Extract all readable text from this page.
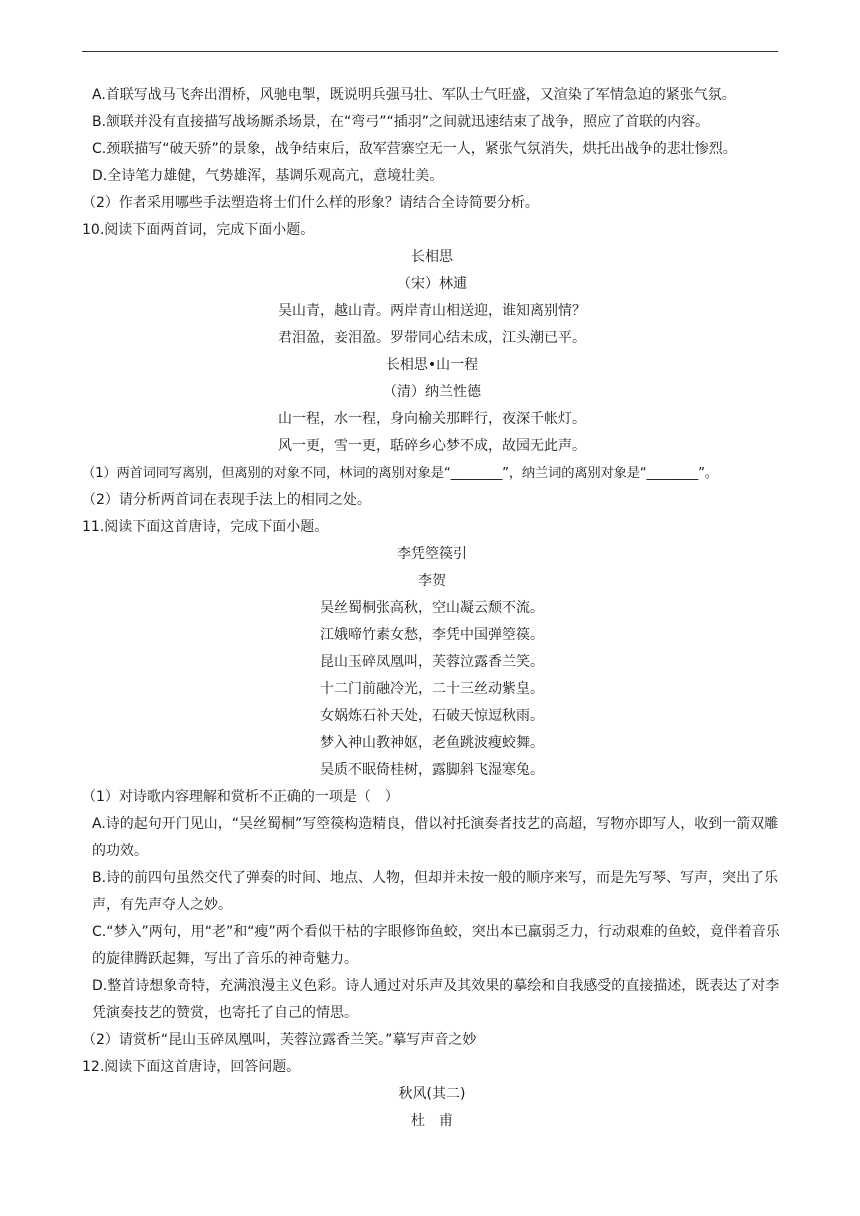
A.首联写战马飞奔出渭桥，风驰电掣，既说明兵强马壮、军队士气旺盛，又渲染了军情急迫的紧张气氛。
B.颔联并没有直接描写战场厮杀场景，在“弯弓”“插羽”之间就迅速结束了战争，照应了首联的内容。
C.颈联描写“破天骄”的景象，战争结束后，敌军营寨空无一人，紧张气氛消失，烘托出战争的悲壮惨烈。
D.全诗笔力雄健，气势雄浑，基调乐观高亢，意境壮美。
（2）作者采用哪些手法塑造将士们什么样的形象？请结合全诗简要分析。
10.阅读下面两首词，完成下面小题。
长相思
（宋）林逋
吴山青，越山青。两岸青山相送迎，谁知离别情？
君泪盈，妾泪盈。罗带同心结未成，江头潮已平。
长相思•山一程
（清）纳兰性德
山一程，水一程，身向榆关那畔行，夜深千帐灯。
风一更，雪一更，聒碎乡心梦不成，故园无此声。
（1）两首词同写离别，但离别的对象不同，林词的离别对象是“________”，纳兰词的离别对象是“________”。
（2）请分析两首词在表现手法上的相同之处。
11.阅读下面这首唐诗，完成下面小题。
李凭箜篌引
李贺
吴丝蜀桐张高秋，空山凝云颓不流。
江娥啼竹素女愁，李凭中国弹箜篌。
昆山玉碎凤凰叫，芙蓉泣露香兰笑。
十二门前融冷光，二十三丝动紫皇。
女娲炼石补天处，石破天惊逗秋雨。
梦入神山教神妪，老鱼跳波瘦蛟舞。
吴质不眠倚桂树，露脚斜飞湿寒兔。
（1）对诗歌内容理解和赏析不正确的一项是（　）
A.诗的起句开门见山，“吴丝蜀桐”写箜篌构造精良，借以衬托演奏者技艺的高超，写物亦即写人，收到一箭双雕的功效。
B.诗的前四句虽然交代了弹奏的时间、地点、人物，但却并未按一般的顺序来写，而是先写琴、写声，突出了乐声，有先声夺人之妙。
C.“梦入”两句，用“老”和“瘦”两个看似干枯的字眼修饰鱼蛟，突出本已羸弱乏力，行动艰难的鱼蛟，竟伴着音乐的旋律腾跃起舞，写出了音乐的神奇魅力。
D.整首诗想象奇特，充满浪漫主义色彩。诗人通过对乐声及其效果的摹绘和自我感受的直接描述，既表达了对李凭演奏技艺的赞赏，也寄托了自己的情思。
（2）请赏析“昆山玉碎凤凰叫，芙蓉泣露香兰笑。”摹写声音之妙
12.阅读下面这首唐诗，回答问题。
秋风(其二)
杜　甫
